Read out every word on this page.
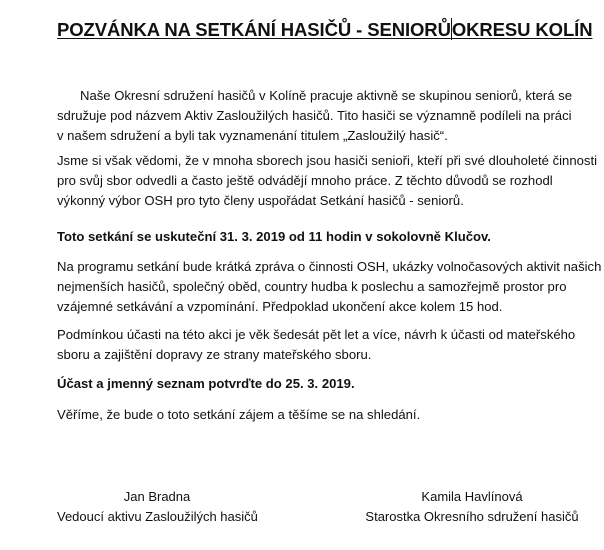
POZVÁNKA NA SETKÁNÍ HASIČŮ - SENIORŮOKRESU KOLÍN
Naše Okresní sdružení hasičů v Kolíně pracuje aktivně se skupinou seniorů, která se
sdružuje pod názvem Aktiv Zasloužilých hasičů. Tito hasiči se významně podíleli na práci
v našem sdružení a byli tak vyznamenání titulem „Zasloužilý hasič“.
Jsme si však vědomi, že v mnoha sborech jsou hasiči senioři, kteří při své dlouholeté činnosti
pro svůj sbor odvedli a často ještě odvádějí mnoho práce. Z těchto důvodů se rozhodl
výkonný výbor OSH pro tyto členy uspořádat Setkání hasičů - seniorů.
Toto setkání se uskuteční 31. 3. 2019 od 11 hodin v sokolovně Klučov.
Na programu setkání bude krátká zpráva o činnosti OSH, ukázky volnočasových aktivit našich
nejmenších hasičů, společný oběd, country hudba k poslechu a samozřejmě prostor pro
vzájemné setkávání a vzpomínání. Předpoklad ukončení akce kolem 15 hod.
Podmínkou účasti na této akci je věk šedesát pět let a více, návrh k účasti od mateřského
sboru a zajištění dopravy ze strany mateřského sboru.
Účast a jmenný seznam potvrďte do 25. 3. 2019.
Věříme, že bude o toto setkání zájem a těšíme se na shledání.
Jan Bradna
Vedoucí aktivu Zasloužilých hasičů
Kamila Havlínová
Starostka Okresního sdružení hasičů
